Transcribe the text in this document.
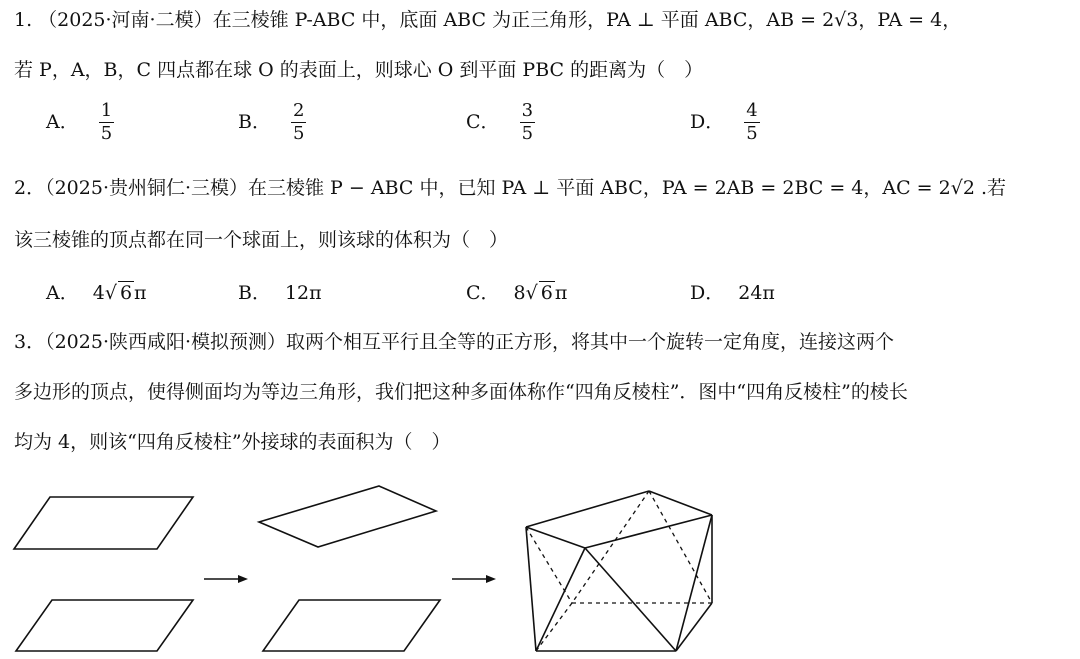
1. （2025·河南·二模）在三棱锥 P-ABC 中，底面 ABC 为正三角形，PA ⊥ 平面 ABC，AB = 2√3，PA = 4，
若 P，A，B，C 四点都在球 O 的表面上，则球心 O 到平面 PBC 的距离为（　）
A． $\frac{1}{5}$	B． $\frac{2}{5}$	C． $\frac{3}{5}$	D． $\frac{4}{5}$
2．（2025·贵州铜仁·三模）在三棱锥 P − ABC 中，已知 PA ⊥ 平面 ABC，PA = 2AB = 2BC = 4，AC = 2√2 .若
该三棱锥的顶点都在同一个球面上，则该球的体积为（　）
A． 4√ 6 π	B． 12π	C． 8√ 6 π	D． 24π
3．（2025·陕西咸阳·模拟预测）取两个相互平行且全等的正方形，将其中一个旋转一定角度，连接这两个
多边形的顶点，使得侧面均为等边三角形，我们把这种多面体称作“四角反棱柱”．图中“四角反棱柱”的棱长
均为 4，则该“四角反棱柱”外接球的表面积为（　）
